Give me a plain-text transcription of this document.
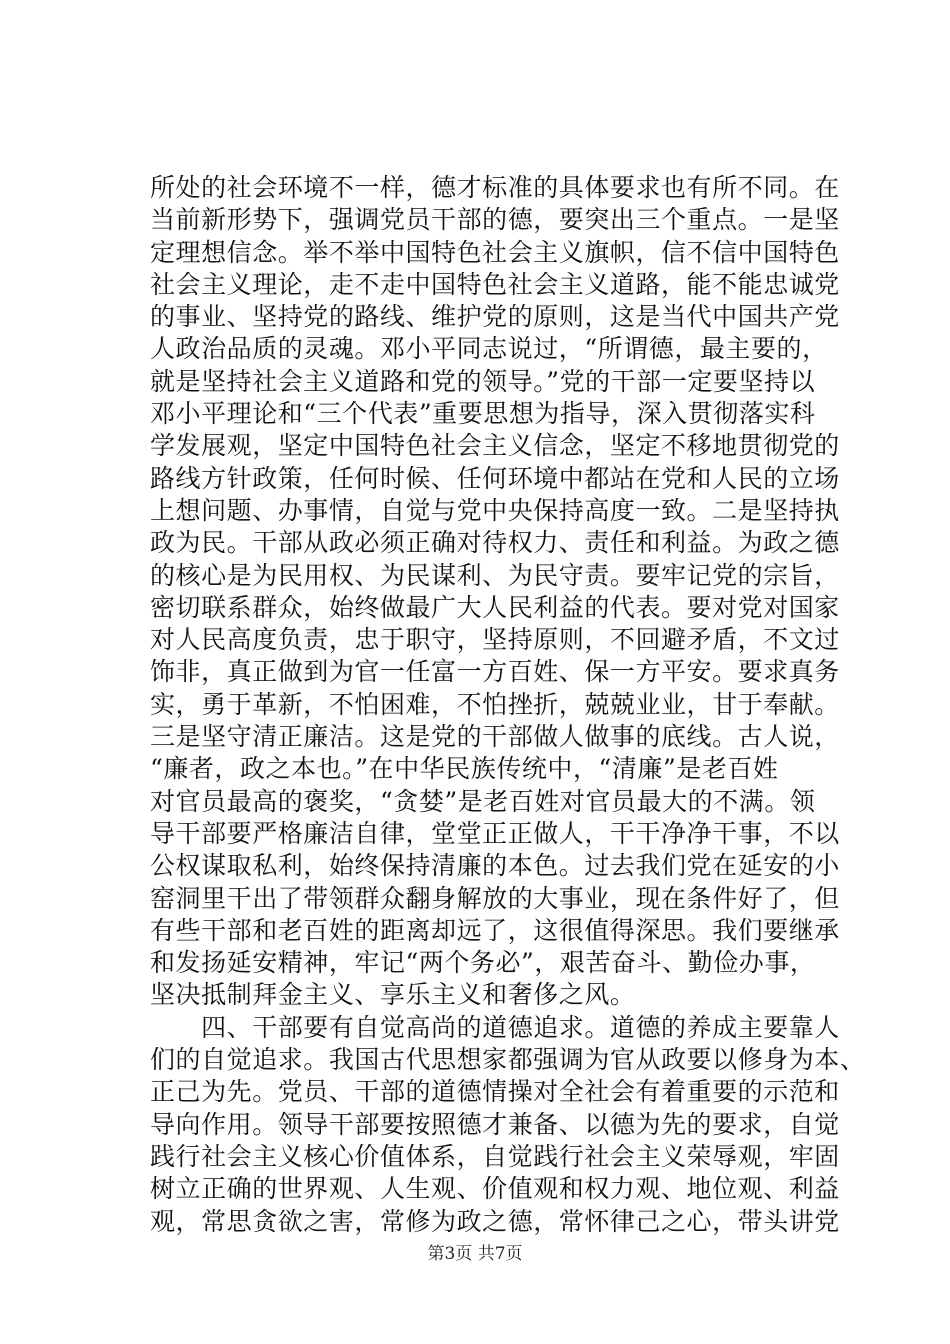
所处的社会环境不一样，德才标准的具体要求也有所不同。在
当前新形势下，强调党员干部的德，要突出三个重点。一是坚
定理想信念。举不举中国特色社会主义旗帜，信不信中国特色
社会主义理论，走不走中国特色社会主义道路，能不能忠诚党
的事业、坚持党的路线、维护党的原则，这是当代中国共产党
人政治品质的灵魂。邓小平同志说过，“所谓德，最主要的，
就是坚持社会主义道路和党的领导。”党的干部一定要坚持以
邓小平理论和“三个代表”重要思想为指导，深入贯彻落实科
学发展观，坚定中国特色社会主义信念，坚定不移地贯彻党的
路线方针政策，任何时候、任何环境中都站在党和人民的立场
上想问题、办事情，自觉与党中央保持高度一致。二是坚持执
政为民。干部从政必须正确对待权力、责任和利益。为政之德
的核心是为民用权、为民谋利、为民守责。要牢记党的宗旨，
密切联系群众，始终做最广大人民利益的代表。要对党对国家
对人民高度负责，忠于职守，坚持原则，不回避矛盾，不文过
饰非，真正做到为官一任富一方百姓、保一方平安。要求真务
实，勇于革新，不怕困难，不怕挫折，兢兢业业，甘于奉献。
三是坚守清正廉洁。这是党的干部做人做事的底线。古人说，
“廉者，政之本也。”在中华民族传统中，“清廉”是老百姓
对官员最高的褒奖，“贪婪”是老百姓对官员最大的不满。领
导干部要严格廉洁自律，堂堂正正做人，干干净净干事，不以
公权谋取私利，始终保持清廉的本色。过去我们党在延安的小
窑洞里干出了带领群众翻身解放的大事业，现在条件好了，但
有些干部和老百姓的距离却远了，这很值得深思。我们要继承
和发扬延安精神，牢记“两个务必”，艰苦奋斗、勤俭办事，
坚决抵制拜金主义、享乐主义和奢侈之风。
　　四、干部要有自觉高尚的道德追求。道德的养成主要靠人
们的自觉追求。我国古代思想家都强调为官从政要以修身为本、
正己为先。党员、干部的道德情操对全社会有着重要的示范和
导向作用。领导干部要按照德才兼备、以德为先的要求，自觉
践行社会主义核心价值体系，自觉践行社会主义荣辱观，牢固
树立正确的世界观、人生观、价值观和权力观、地位观、利益
观，常思贪欲之害，常修为政之德，常怀律己之心，带头讲党
第3页 共7页
